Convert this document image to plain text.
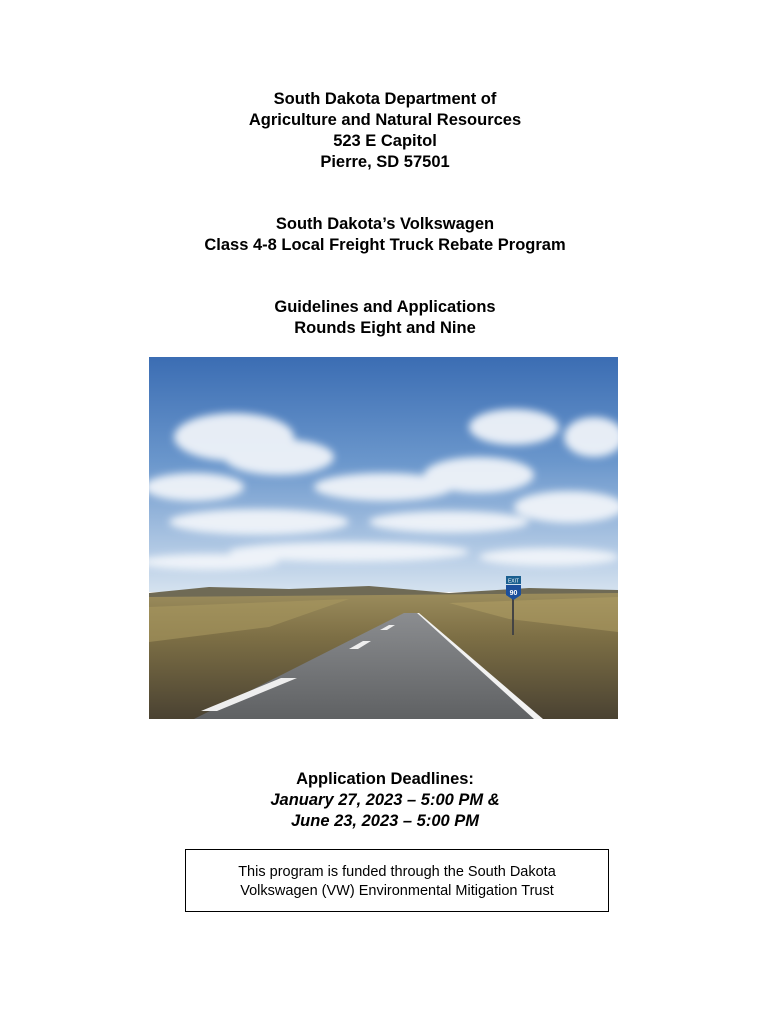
South Dakota Department of
Agriculture and Natural Resources
523 E Capitol
Pierre, SD 57501
South Dakota’s Volkswagen
Class 4-8 Local Freight Truck Rebate Program
Guidelines and Applications
Rounds Eight and Nine
EXIT
90
Application Deadlines:
January 27, 2023 – 5:00 PM &
June 23, 2023 – 5:00 PM
This program is funded through the South Dakota
Volkswagen (VW) Environmental Mitigation Trust
